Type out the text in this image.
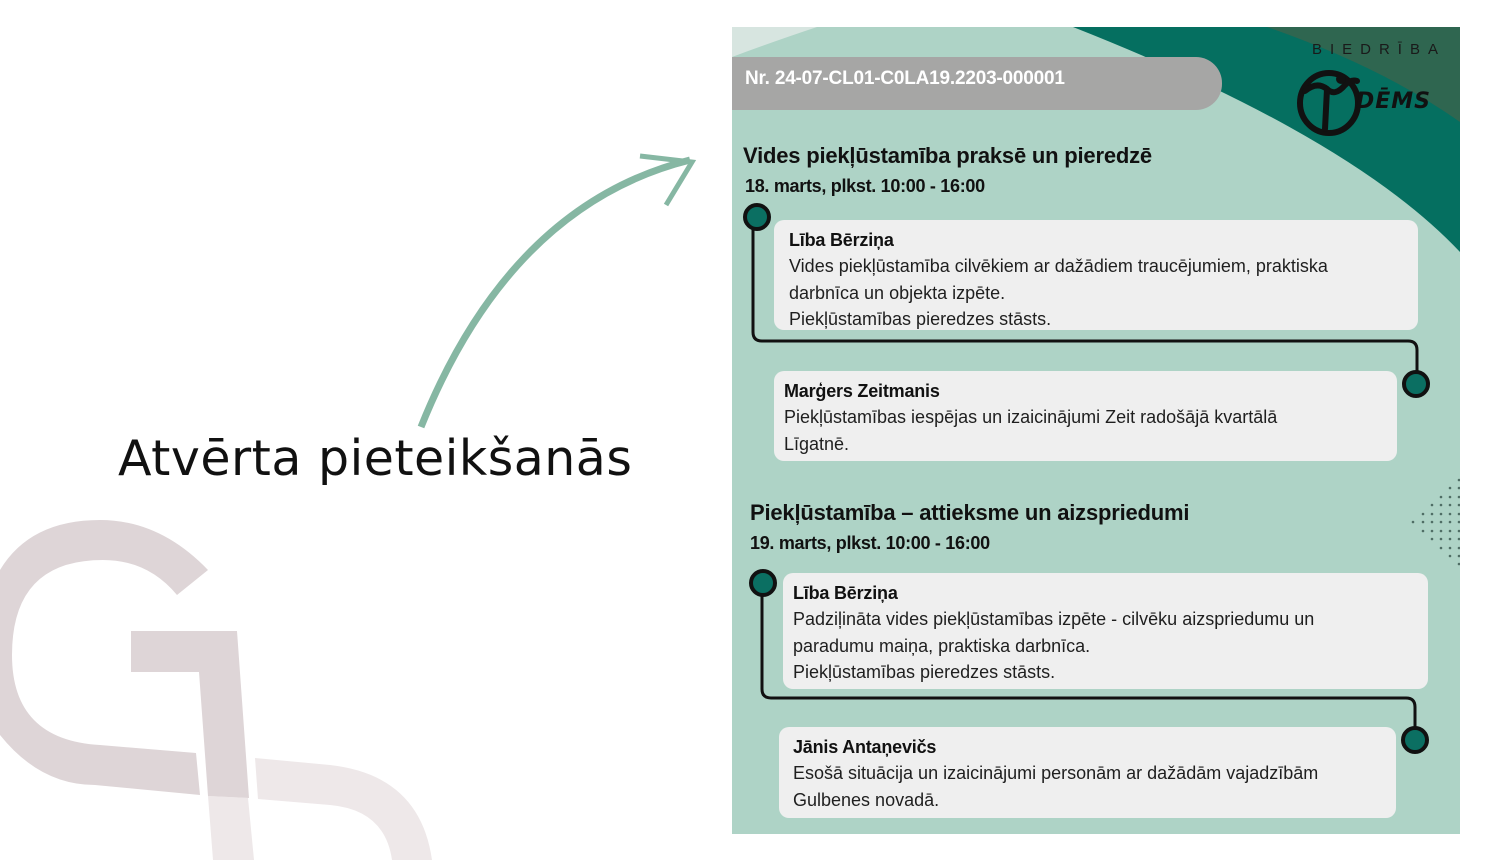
Atvērta pieteikšanās
Nr. 24-07-CL01-C0LA19.2203-000001
BIEDRĪBA
DĒMS
Vides piekļūstamība praksē un pieredzē
18. marts, plkst. 10:00 - 16:00
Piekļūstamība – attieksme un aizspriedumi
19. marts, plkst. 10:00 - 16:00
Lība Bērziņa
Vides piekļūstamība cilvēkiem ar dažādiem traucējumiem, praktiska
darbnīca un objekta izpēte.
Piekļūstamības pieredzes stāsts.
Marģers Zeitmanis
Piekļūstamības iespējas un izaicinājumi Zeit radošājā kvartālā
Līgatnē.
Lība Bērziņa
Padziļināta vides piekļūstamības izpēte - cilvēku aizspriedumu un
paradumu maiņa, praktiska darbnīca.
Piekļūstamības pieredzes stāsts.
Jānis Antaņevičs
Esošā situācija un izaicinājumi personām ar dažādām vajadzībām
Gulbenes novadā.
